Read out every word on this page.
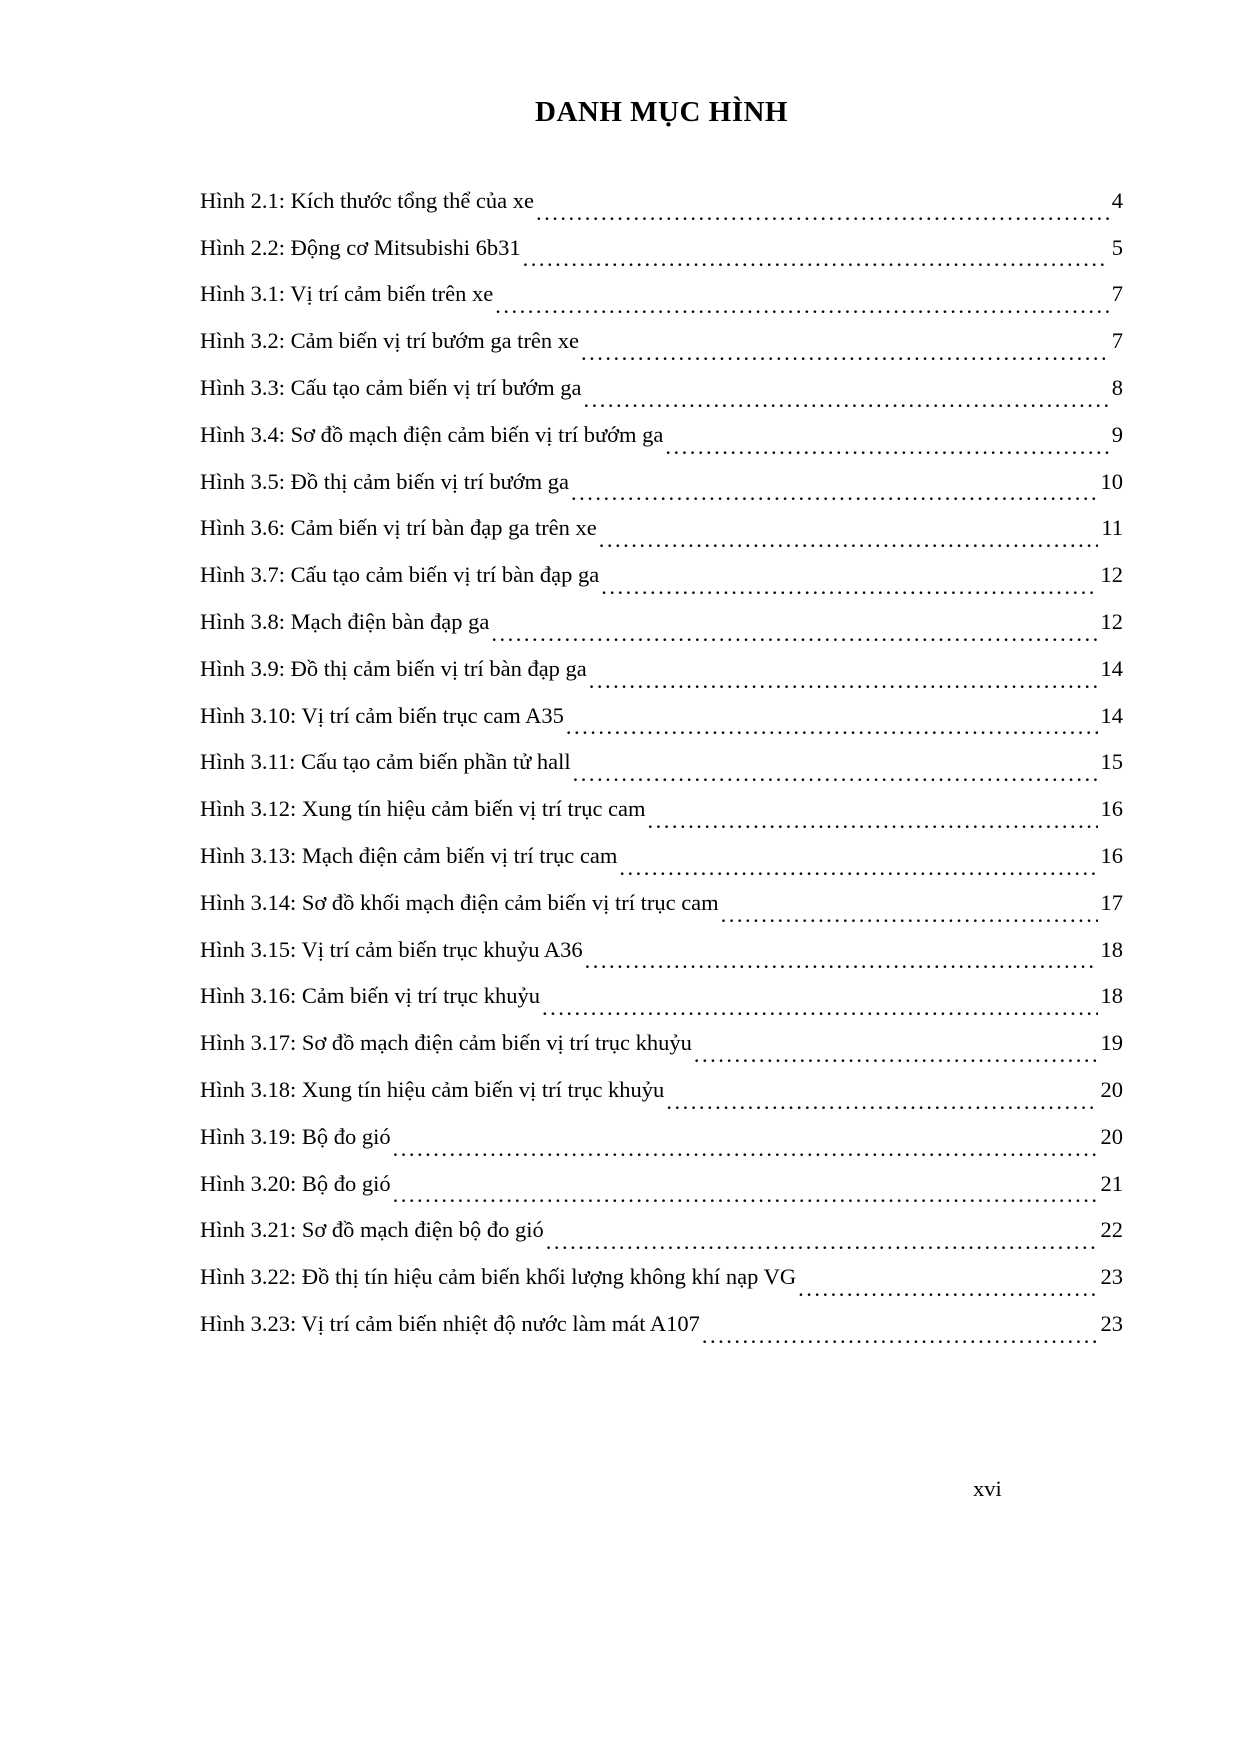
DANH MỤC HÌNH
Hình 2.1: Kích thước tổng thể của xe .....	4
Hình 2.2: Động cơ Mitsubishi 6b31 .....	5
Hình 3.1: Vị trí cảm biến trên xe .....	7
Hình 3.2: Cảm biến vị trí bướm ga trên xe .....	7
Hình 3.3: Cấu tạo cảm biến vị trí bướm ga .....	8
Hình 3.4: Sơ đồ mạch điện cảm biến vị trí bướm ga .....	9
Hình 3.5: Đồ thị cảm biến vị trí bướm ga .....	10
Hình 3.6: Cảm biến vị trí bàn đạp ga trên xe .....	11
Hình 3.7: Cấu tạo cảm biến vị trí bàn đạp ga .....	12
Hình 3.8: Mạch điện bàn đạp ga .....	12
Hình 3.9: Đồ thị cảm biến vị trí bàn đạp ga .....	14
Hình 3.10: Vị trí cảm biến trục cam A35 .....	14
Hình 3.11: Cấu tạo cảm biến phần tử hall .....	15
Hình 3.12: Xung tín hiệu cảm biến vị trí trục cam .....	16
Hình 3.13: Mạch điện cảm biến vị trí trục cam .....	16
Hình 3.14: Sơ đồ khối mạch điện cảm biến vị trí trục cam .....	17
Hình 3.15: Vị trí cảm biến trục khuỷu A36 .....	18
Hình 3.16: Cảm biến vị trí trục khuỷu .....	18
Hình 3.17: Sơ đồ mạch điện cảm biến vị trí trục khuỷu .....	19
Hình 3.18: Xung tín hiệu cảm biến vị trí trục khuỷu .....	20
Hình 3.19: Bộ đo gió .....	20
Hình 3.20: Bộ đo gió .....	21
Hình 3.21: Sơ đồ mạch điện bộ đo gió .....	22
Hình 3.22: Đồ thị tín hiệu cảm biến khối lượng không khí nạp VG .....	23
Hình 3.23: Vị trí cảm biến nhiệt độ nước làm mát A107 .....	23
xvi
